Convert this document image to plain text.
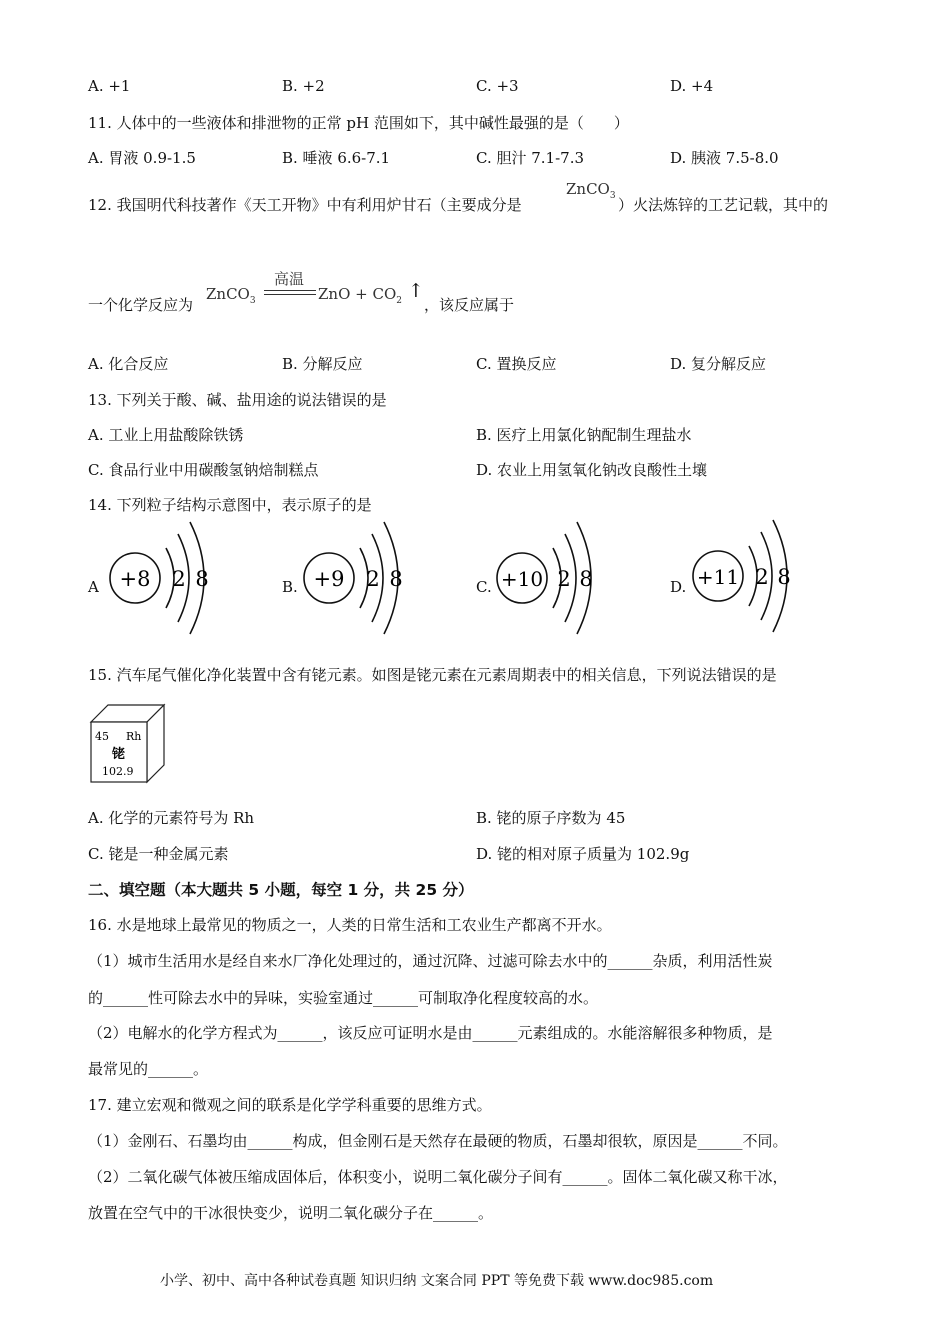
A. +1	B. +2	C. +3	D. +4
11. 人体中的一些液体和排泄物的正常 pH 范围如下，其中碱性最强的是（　　）
A. 胃液 0.9-1.5	B. 唾液 6.6-7.1	C. 胆汁 7.1-7.3	D. 胰液 7.5-8.0
12. 我国明代科技著作《天工开物》中有利用炉甘石（主要成分是
ZnCO$_3$ ）火法炼锌的工艺记载，其中的
一个化学反应为
ZnCO$_3$
高温
ZnO + $CO_2$ ↑
，该反应属于
A. 化合反应	B. 分解反应	C. 置换反应	D. 复分解反应
13. 下列关于酸、碱、盐用途的说法错误的是
A. 工业上用盐酸除铁锈	B. 医疗上用氯化钠配制生理盐水
C. 食品行业中用碳酸氢钠焙制糕点	D. 农业上用氢氧化钠改良酸性土壤
14. 下列粒子结构示意图中，表示原子的是
A +8 2 8	B. +9 2 8	C. +10 2 8	D. +11 2 8
15. 汽车尾气催化净化装置中含有铑元素。如图是铑元素在元素周期表中的相关信息，下列说法错误的是
45 Rh
铑
102.9
A. 化学的元素符号为 Rh	B. 铑的原子序数为 45
C. 铑是一种金属元素	D. 铑的相对原子质量为 102.9g
二、填空题（本大题共 5 小题，每空 1 分，共 25 分）
16. 水是地球上最常见的物质之一，人类的日常生活和工农业生产都离不开水。
（1）城市生活用水是经自来水厂净化处理过的，通过沉降、过滤可除去水中的______杂质，利用活性炭
的______性可除去水中的异味，实验室通过______可制取净化程度较高的水。
（2）电解水的化学方程式为______，该反应可证明水是由______元素组成的。水能溶解很多种物质，是
最常见的______。
17. 建立宏观和微观之间的联系是化学学科重要的思维方式。
（1）金刚石、石墨均由______构成，但金刚石是天然存在最硬的物质，石墨却很软，原因是______不同。
（2）二氧化碳气体被压缩成固体后，体积变小，说明二氧化碳分子间有______。固体二氧化碳又称干冰，
放置在空气中的干冰很快变少，说明二氧化碳分子在______。
小学、初中、高中各种试卷真题 知识归纳 文案合同 PPT 等免费下载 www.doc985.com
